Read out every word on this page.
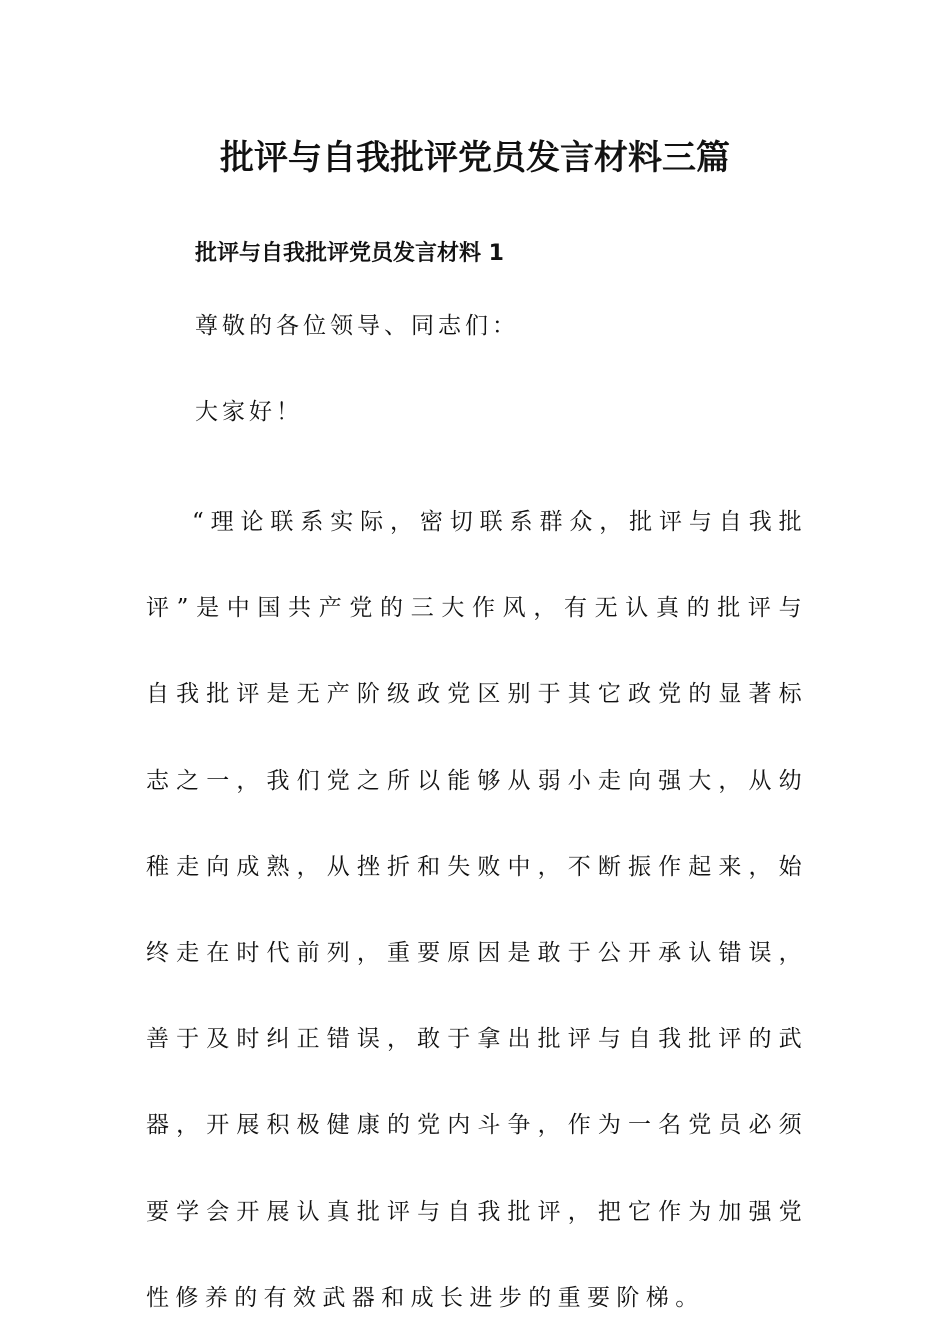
批评与自我批评党员发言材料三篇
批评与自我批评党员发言材料 1

尊敬的各位领导、同志们：

大家好！

“理论联系实际，密切联系群众，批评与自我批评”是中国共产党的三大作风，有无认真的批评与自我批评是无产阶级政党区别于其它政党的显著标志之一，我们党之所以能够从弱小走向强大，从幼稚走向成熟，从挫折和失败中，不断振作起来，始终走在时代前列，重要原因是敢于公开承认错误，善于及时纠正错误，敢于拿出批评与自我批评的武器，开展积极健康的党内斗争，作为一名党员必须要学会开展认真批评与自我批评，把它作为加强党性修养的有效武器和成长进步的重要阶梯。
